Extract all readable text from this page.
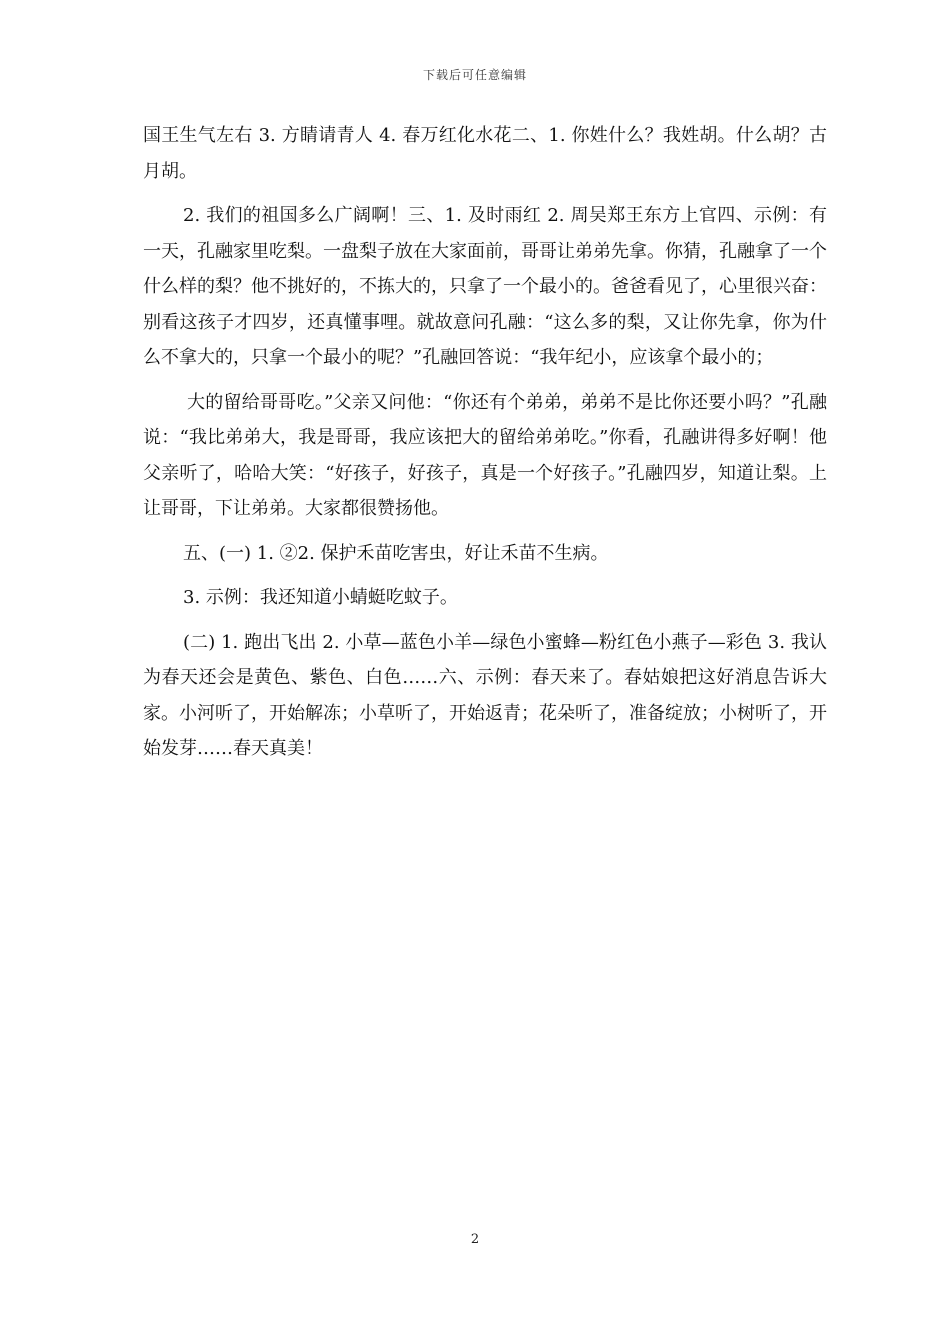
下载后可任意编辑

国王生气左右 3. 方睛请青人 4. 春万红化水花二、1. 你姓什么？我姓胡。什么胡？古月胡。

2. 我们的祖国多么广阔啊！三、1. 及时雨红 2. 周吴郑王东方上官四、示例：有一天，孔融家里吃梨。一盘梨子放在大家面前，哥哥让弟弟先拿。你猜，孔融拿了一个什么样的梨？他不挑好的，不拣大的，只拿了一个最小的。爸爸看见了，心里很兴奋：别看这孩子才四岁，还真懂事哩。就故意问孔融：“这么多的梨，又让你先拿，你为什么不拿大的，只拿一个最小的呢？”孔融回答说：“我年纪小，应该拿个最小的；

大的留给哥哥吃。”父亲又问他：“你还有个弟弟，弟弟不是比你还要小吗？”孔融说：“我比弟弟大，我是哥哥，我应该把大的留给弟弟吃。”你看，孔融讲得多好啊！他父亲听了，哈哈大笑：“好孩子，好孩子，真是一个好孩子。”孔融四岁，知道让梨。上让哥哥，下让弟弟。大家都很赞扬他。

五、(一) 1. ②2. 保护禾苗吃害虫，好让禾苗不生病。

3. 示例：我还知道小蜻蜓吃蚊子。

(二) 1. 跑出飞出 2. 小草—蓝色小羊—绿色小蜜蜂—粉红色小燕子—彩色 3. 我认为春天还会是黄色、紫色、白色……六、示例：春天来了。春姑娘把这好消息告诉大家。小河听了，开始解冻；小草听了，开始返青；花朵听了，准备绽放；小树听了，开始发芽……春天真美！

2
